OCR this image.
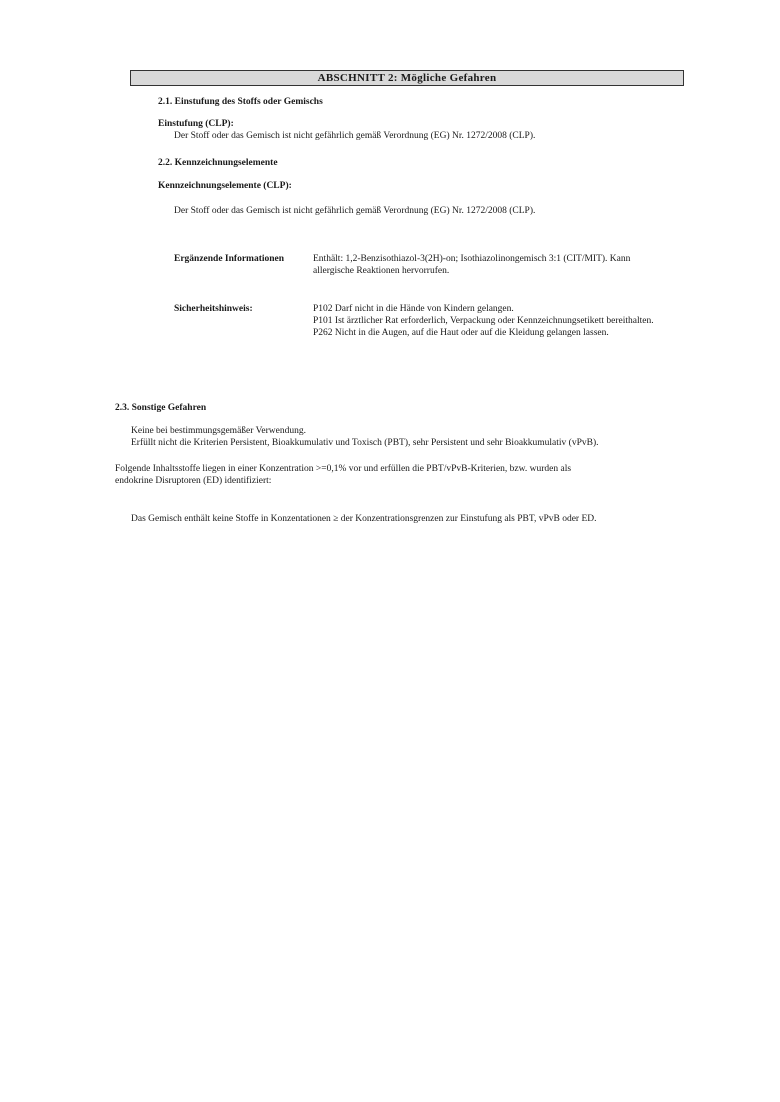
ABSCHNITT 2: Mögliche Gefahren
2.1. Einstufung des Stoffs oder Gemischs
Einstufung (CLP):
Der Stoff oder das Gemisch ist nicht gefährlich gemäß Verordnung (EG) Nr. 1272/2008 (CLP).
2.2. Kennzeichnungselemente
Kennzeichnungselemente (CLP):
Der Stoff oder das Gemisch ist nicht gefährlich gemäß Verordnung (EG) Nr. 1272/2008 (CLP).
Ergänzende Informationen	Enthält: 1,2-Benzisothiazol-3(2H)-on; Isothiazolinongemisch 3:1 (CIT/MIT). Kann
allergische Reaktionen hervorrufen.
Sicherheitshinweis:	P102 Darf nicht in die Hände von Kindern gelangen.
P101 Ist ärztlicher Rat erforderlich, Verpackung oder Kennzeichnungsetikett bereithalten.
P262 Nicht in die Augen, auf die Haut oder auf die Kleidung gelangen lassen.
2.3. Sonstige Gefahren
Keine bei bestimmungsgemäßer Verwendung.
Erfüllt nicht die Kriterien Persistent, Bioakkumulativ und Toxisch (PBT), sehr Persistent und sehr Bioakkumulativ (vPvB).
Folgende Inhaltsstoffe liegen in einer Konzentration >=0,1% vor und erfüllen die PBT/vPvB-Kriterien, bzw. wurden als
endokrine Disruptoren (ED) identifiziert:
Das Gemisch enthält keine Stoffe in Konzentationen ≥ der Konzentrationsgrenzen zur Einstufung als PBT, vPvB oder ED.
